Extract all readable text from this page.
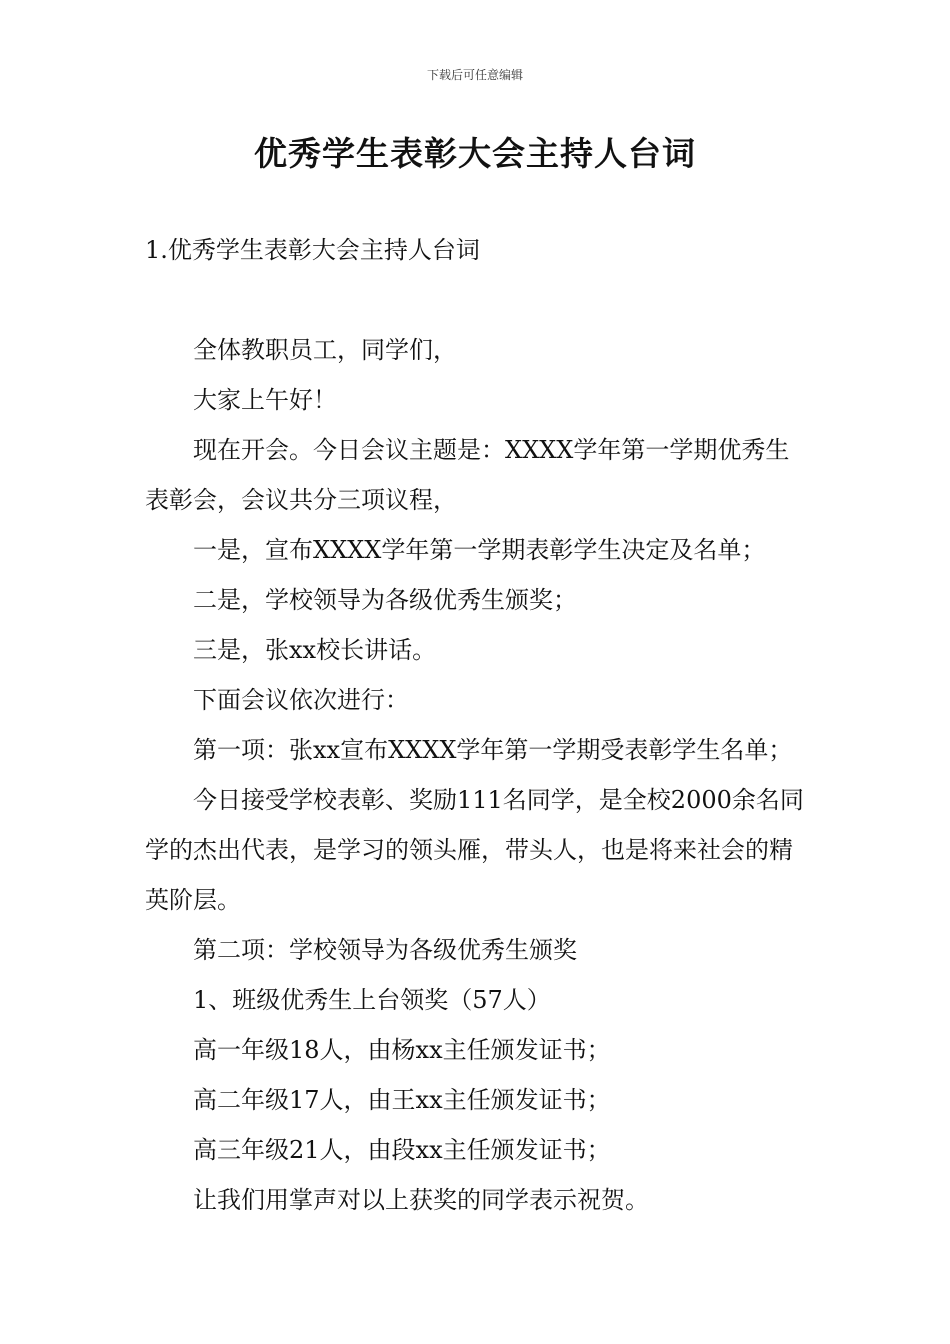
下载后可任意编辑
优秀学生表彰大会主持人台词
1.优秀学生表彰大会主持人台词

全体教职员工，同学们，

大家上午好！

现在开会。今日会议主题是：XXXX学年第一学期优秀生表彰会，会议共分三项议程，

一是，宣布XXXX学年第一学期表彰学生决定及名单；

二是，学校领导为各级优秀生颁奖；

三是，张xx校长讲话。

下面会议依次进行：

第一项：张xx宣布XXXX学年第一学期受表彰学生名单；

今日接受学校表彰、奖励111名同学，是全校2000余名同学的杰出代表，是学习的领头雁，带头人，也是将来社会的精英阶层。

第二项：学校领导为各级优秀生颁奖

1、班级优秀生上台领奖（57人）

高一年级18人，由杨xx主任颁发证书；

高二年级17人，由王xx主任颁发证书；

高三年级21人，由段xx主任颁发证书；

让我们用掌声对以上获奖的同学表示祝贺。
